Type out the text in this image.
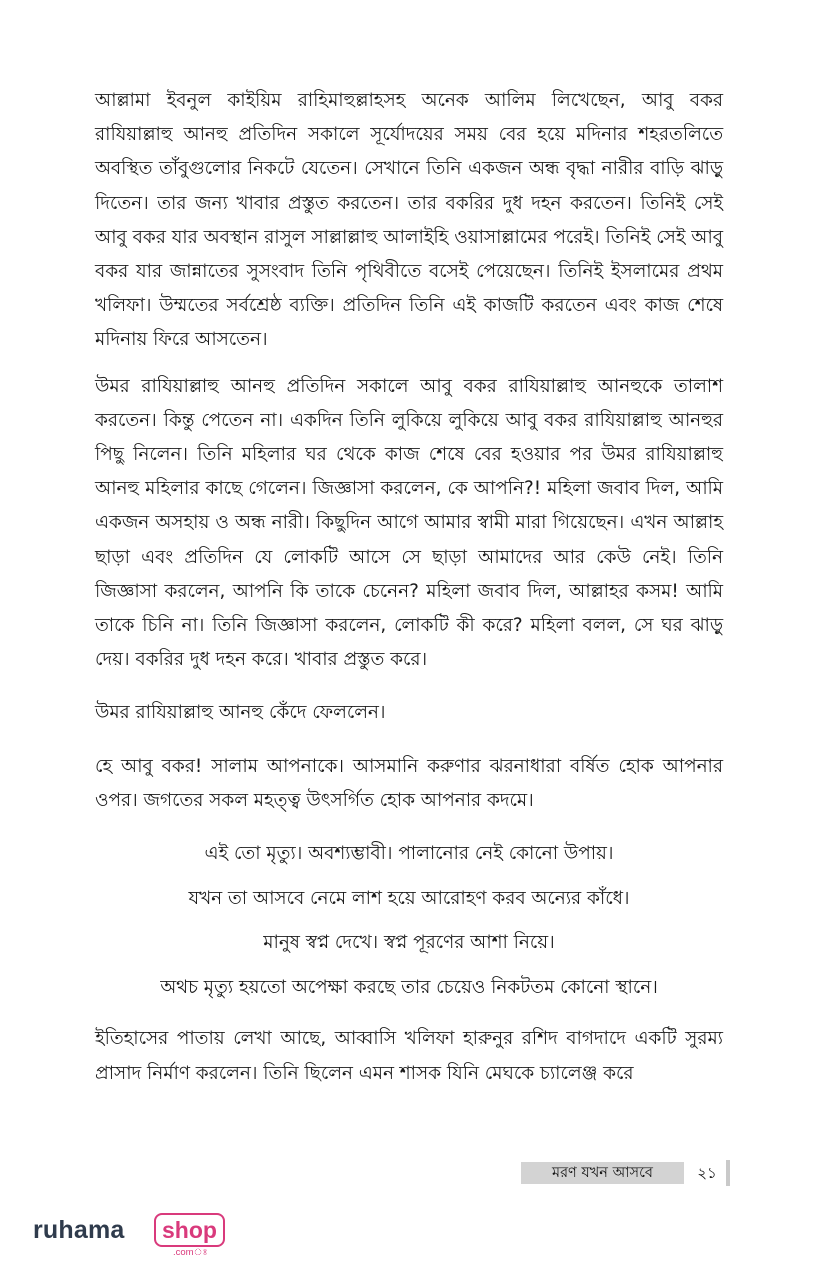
আল্লামা ইবনুল কাইয়িম রাহিমাহুল্লাহসহ অনেক আলিম লিখেছেন, আবু বকর রাযিয়াল্লাহু আনহু প্রতিদিন সকালে সূর্যোদয়ের সময় বের হয়ে মদিনার শহরতলিতে অবস্থিত তাঁবুগুলোর নিকটে যেতেন। সেখানে তিনি একজন অন্ধ বৃদ্ধা নারীর বাড়ি ঝাড়ু দিতেন। তার জন্য খাবার প্রস্তুত করতেন। তার বকরির দুধ দহন করতেন। তিনিই সেই আবু বকর যার অবস্থান রাসুল সাল্লাল্লাহু আলাইহি ওয়াসাল্লামের পরেই। তিনিই সেই আবু বকর যার জান্নাতের সুসংবাদ তিনি পৃথিবীতে বসেই পেয়েছেন। তিনিই ইসলামের প্রথম খলিফা। উম্মতের সর্বশ্রেষ্ঠ ব্যক্তি। প্রতিদিন তিনি এই কাজটি করতেন এবং কাজ শেষে মদিনায় ফিরে আসতেন।

উমর রাযিয়াল্লাহু আনহু প্রতিদিন সকালে আবু বকর রাযিয়াল্লাহু আনহুকে তালাশ করতেন। কিন্তু পেতেন না। একদিন তিনি লুকিয়ে লুকিয়ে আবু বকর রাযিয়াল্লাহু আনহুর পিছু নিলেন। তিনি মহিলার ঘর থেকে কাজ শেষে বের হওয়ার পর উমর রাযিয়াল্লাহু আনহু মহিলার কাছে গেলেন। জিজ্ঞাসা করলেন, কে আপনি?! মহিলা জবাব দিল, আমি একজন অসহায় ও অন্ধ নারী। কিছুদিন আগে আমার স্বামী মারা গিয়েছেন। এখন আল্লাহ ছাড়া এবং প্রতিদিন যে লোকটি আসে সে ছাড়া আমাদের আর কেউ নেই। তিনি জিজ্ঞাসা করলেন, আপনি কি তাকে চেনেন? মহিলা জবাব দিল, আল্লাহর কসম! আমি তাকে চিনি না। তিনি জিজ্ঞাসা করলেন, লোকটি কী করে? মহিলা বলল, সে ঘর ঝাড়ু দেয়। বকরির দুধ দহন করে। খাবার প্রস্তুত করে।

উমর রাযিয়াল্লাহু আনহু কেঁদে ফেললেন।

হে আবু বকর! সালাম আপনাকে। আসমানি করুণার ঝরনাধারা বর্ষিত হোক আপনার ওপর। জগতের সকল মহত্ত্ব উৎসর্গিত হোক আপনার কদমে।

এই তো মৃত্যু। অবশ্যম্ভাবী। পালানোর নেই কোনো উপায়।
যখন তা আসবে নেমে লাশ হয়ে আরোহণ করব অন্যের কাঁধে।
মানুষ স্বপ্ন দেখে। স্বপ্ন পূরণের আশা নিয়ে।
অথচ মৃত্যু হয়তো অপেক্ষা করছে তার চেয়েও নিকটতম কোনো স্থানে।

ইতিহাসের পাতায় লেখা আছে, আব্বাসি খলিফা হারুনুর রশিদ বাগদাদে একটি সুরম্য প্রাসাদ নির্মাণ করলেন। তিনি ছিলেন এমন শাসক যিনি মেঘকে চ্যালেঞ্জ করে

মরণ যখন আসবে	২১
ruhama	shop
.comঃ
